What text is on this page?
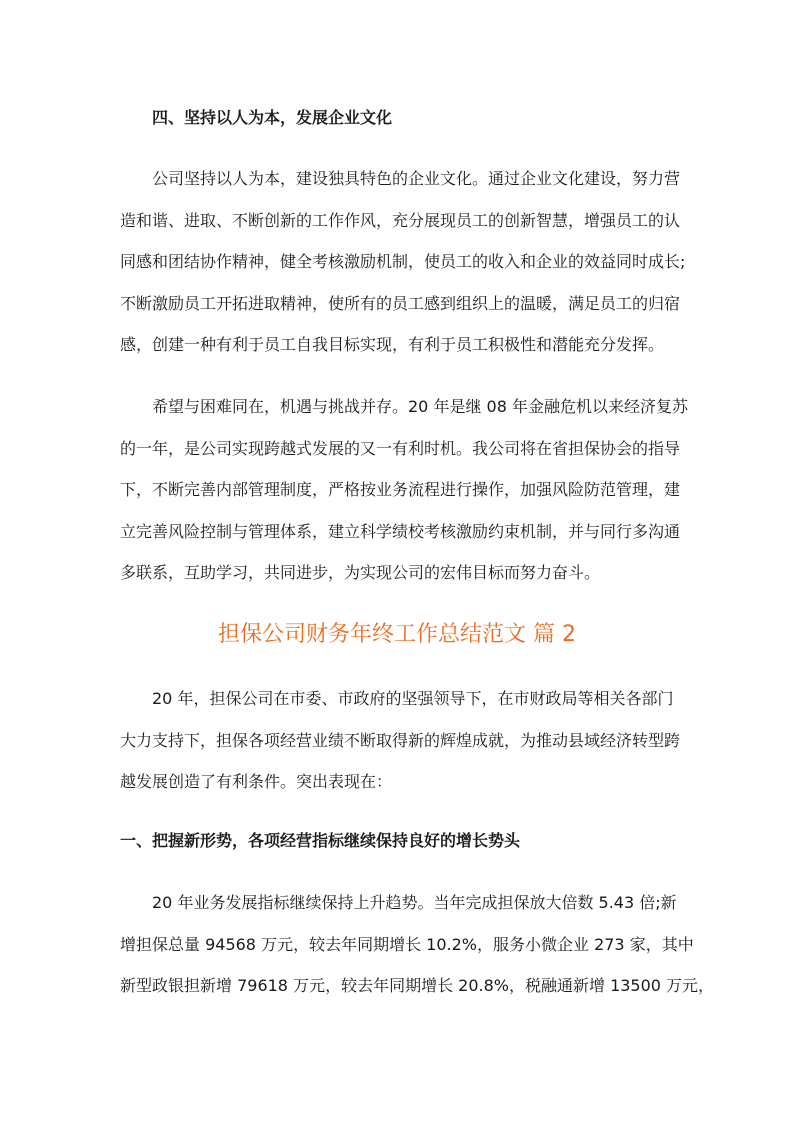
四、坚持以人为本，发展企业文化
公司坚持以人为本，建设独具特色的企业文化。通过企业文化建设，努力营
造和谐、进取、不断创新的工作作风，充分展现员工的创新智慧，增强员工的认
同感和团结协作精神，健全考核激励机制，使员工的收入和企业的效益同时成长;
不断激励员工开拓进取精神，使所有的员工感到组织上的温暖，满足员工的归宿
感，创建一种有利于员工自我目标实现，有利于员工积极性和潜能充分发挥。
希望与困难同在，机遇与挑战并存。20 年是继 08 年金融危机以来经济复苏
的一年，是公司实现跨越式发展的又一有利时机。我公司将在省担保协会的指导
下，不断完善内部管理制度，严格按业务流程进行操作，加强风险防范管理，建
立完善风险控制与管理体系，建立科学绩校考核激励约束机制，并与同行多沟通
多联系，互助学习，共同进步，为实现公司的宏伟目标而努力奋斗。
担保公司财务年终工作总结范文 篇 2
20 年，担保公司在市委、市政府的坚强领导下，在市财政局等相关各部门
大力支持下，担保各项经营业绩不断取得新的辉煌成就，为推动县域经济转型跨
越发展创造了有利条件。突出表现在：
一、把握新形势，各项经营指标继续保持良好的增长势头
20 年业务发展指标继续保持上升趋势。当年完成担保放大倍数 5.43 倍;新
增担保总量 94568 万元，较去年同期增长 10.2%，服务小微企业 273 家，其中
新型政银担新增 79618 万元，较去年同期增长 20.8%，税融通新增 13500 万元，
